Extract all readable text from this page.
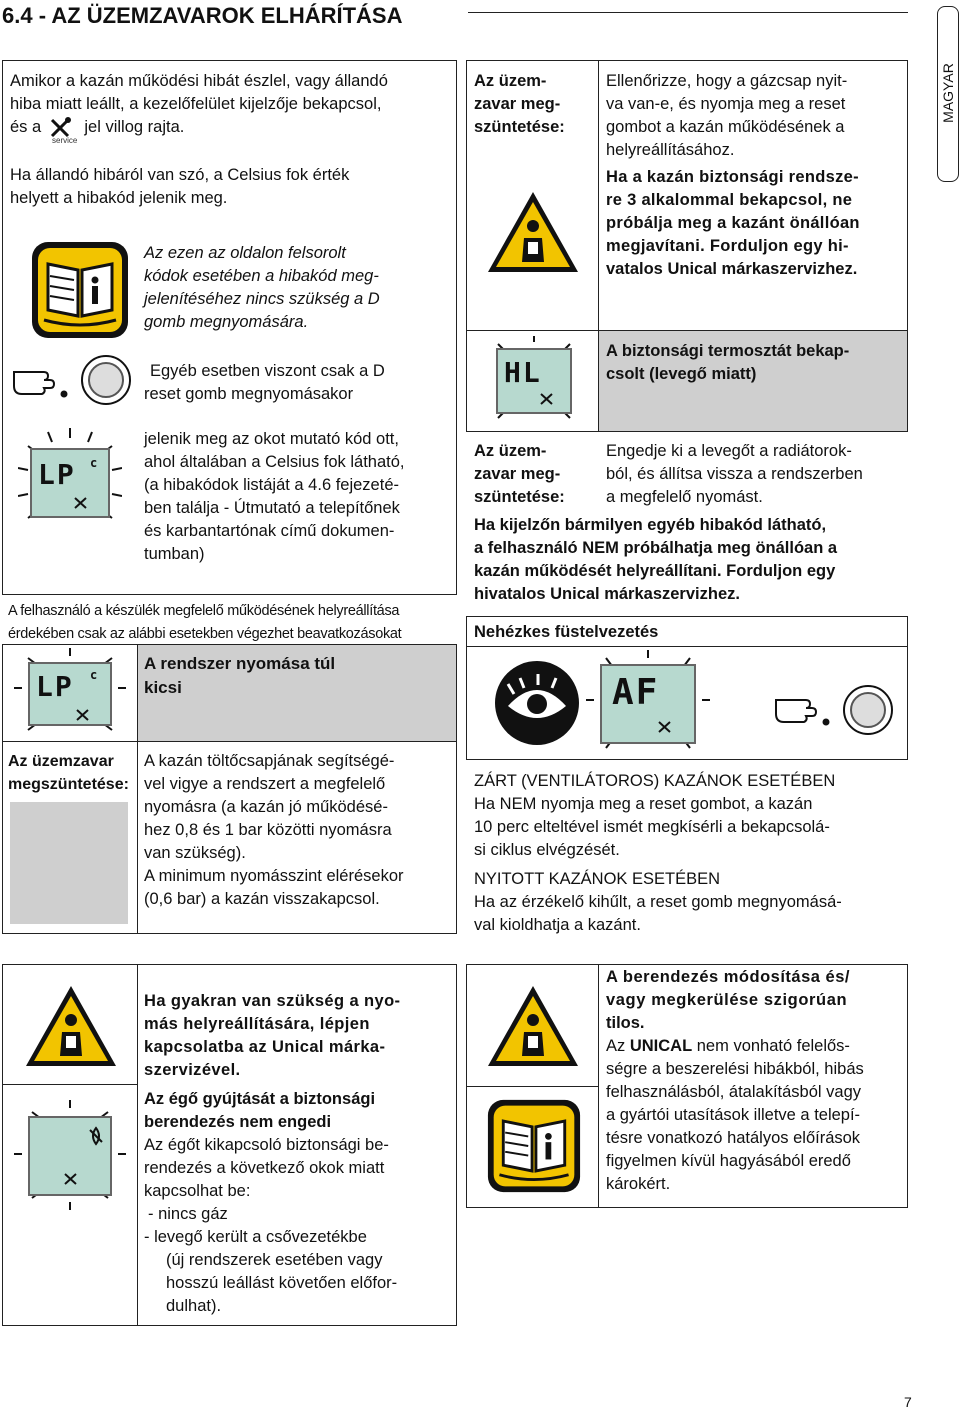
6.4 - AZ ÜZEMZAVAROK ELHÁRÍTÁSA
MAGYAR
Amikor a kazán működési hibát észlel, vagy állandó
hiba miatt leállt, a kezelőfelület kijelzője bekapcsol,
és a	jel villog rajta.
service
Ha állandó hibáról van szó, a Celsius fok érték
helyett a hibakód jelenik meg.
Az ezen az oldalon felsorolt
kódok esetében a hibakód meg-
jelenítéséhez nincs szükség a D
gomb megnyomására.
Egyéb esetben viszont csak a D
reset gomb megnyomásakor
LP c
jelenik meg az okot mutató kód ott,
ahol általában a Celsius fok látható,
(a hibakódok listáját a 4.6 fejezeté-
ben találja - Útmutató a telepítőnek
és karbantartónak című dokumen-
tumban)
A felhasználó a készülék megfelelő működésének helyreállítása
érdekében csak az alábbi esetekben végezhet beavatkozásokat
LP c
A rendszer nyomása túl
kicsi
Az üzemzavar
megszüntetése:
A kazán töltőcsapjának segítségé-
vel vigye a rendszert a megfelelő
nyomásra (a kazán jó működésé-
hez 0,8 és 1 bar közötti nyomásra
van szükség).
A minimum nyomásszint elérésekor
(0,6 bar) a kazán visszakapcsol.
Ha gyakran van szükség a nyo-
más helyreállítására, lépjen
kapcsolatba az Unical márka-
szervizével.
Az égő gyújtását a biztonsági
berendezés nem engedi
Az égőt kikapcsoló biztonsági be-
rendezés a következő okok miatt
kapcsolhat be:
- nincs gáz
- levegő került a csővezetékbe
(új rendszerek esetében vagy
hosszú leállást követően előfor-
dulhat).
Az üzem-
zavar meg-
szüntetése:
Ellenőrizze, hogy a gázcsap nyit-
va van-e, és nyomja meg a reset
gombot a kazán működésének a
helyreállításához.
Ha a kazán biztonsági rendsze-
re 3 alkalommal bekapcsol, ne
próbálja meg a kazánt önállóan
megjavítani. Forduljon egy hi-
vatalos Unical márkaszervizhez.
HL
A biztonsági termosztát bekap-
csolt (levegő miatt)
Az üzem-
zavar meg-
szüntetése:
Engedje ki a levegőt a radiátorok-
ból, és állítsa vissza a rendszerben
a megfelelő nyomást.
Ha kijelzőn bármilyen egyéb hibakód látható,
a felhasználó NEM próbálhatja meg önállóan a
kazán működését helyreállítani. Forduljon egy
hivatalos Unical márkaszervizhez.
Nehézkes füstelvezetés
AF
ZÁRT (VENTILÁTOROS) KAZÁNOK ESETÉBEN
Ha NEM nyomja meg a reset gombot, a kazán
10 perc elteltével ismét megkísérli a bekapcsolá-
si ciklus elvégzését.
NYITOTT KAZÁNOK ESETÉBEN
Ha az érzékelő kihűlt, a reset gomb megnyomásá-
val kioldhatja a kazánt.
A berendezés módosítása és/
vagy megkerülése szigorúan
tilos.
Az UNICAL nem vonható felelős-
ségre a beszerelési hibákból, hibás
felhasználásból, átalakításból vagy
a gyártói utasítások illetve a telepí-
tésre vonatkozó hatályos előírások
figyelmen kívül hagyásából eredő
károkért.
7
